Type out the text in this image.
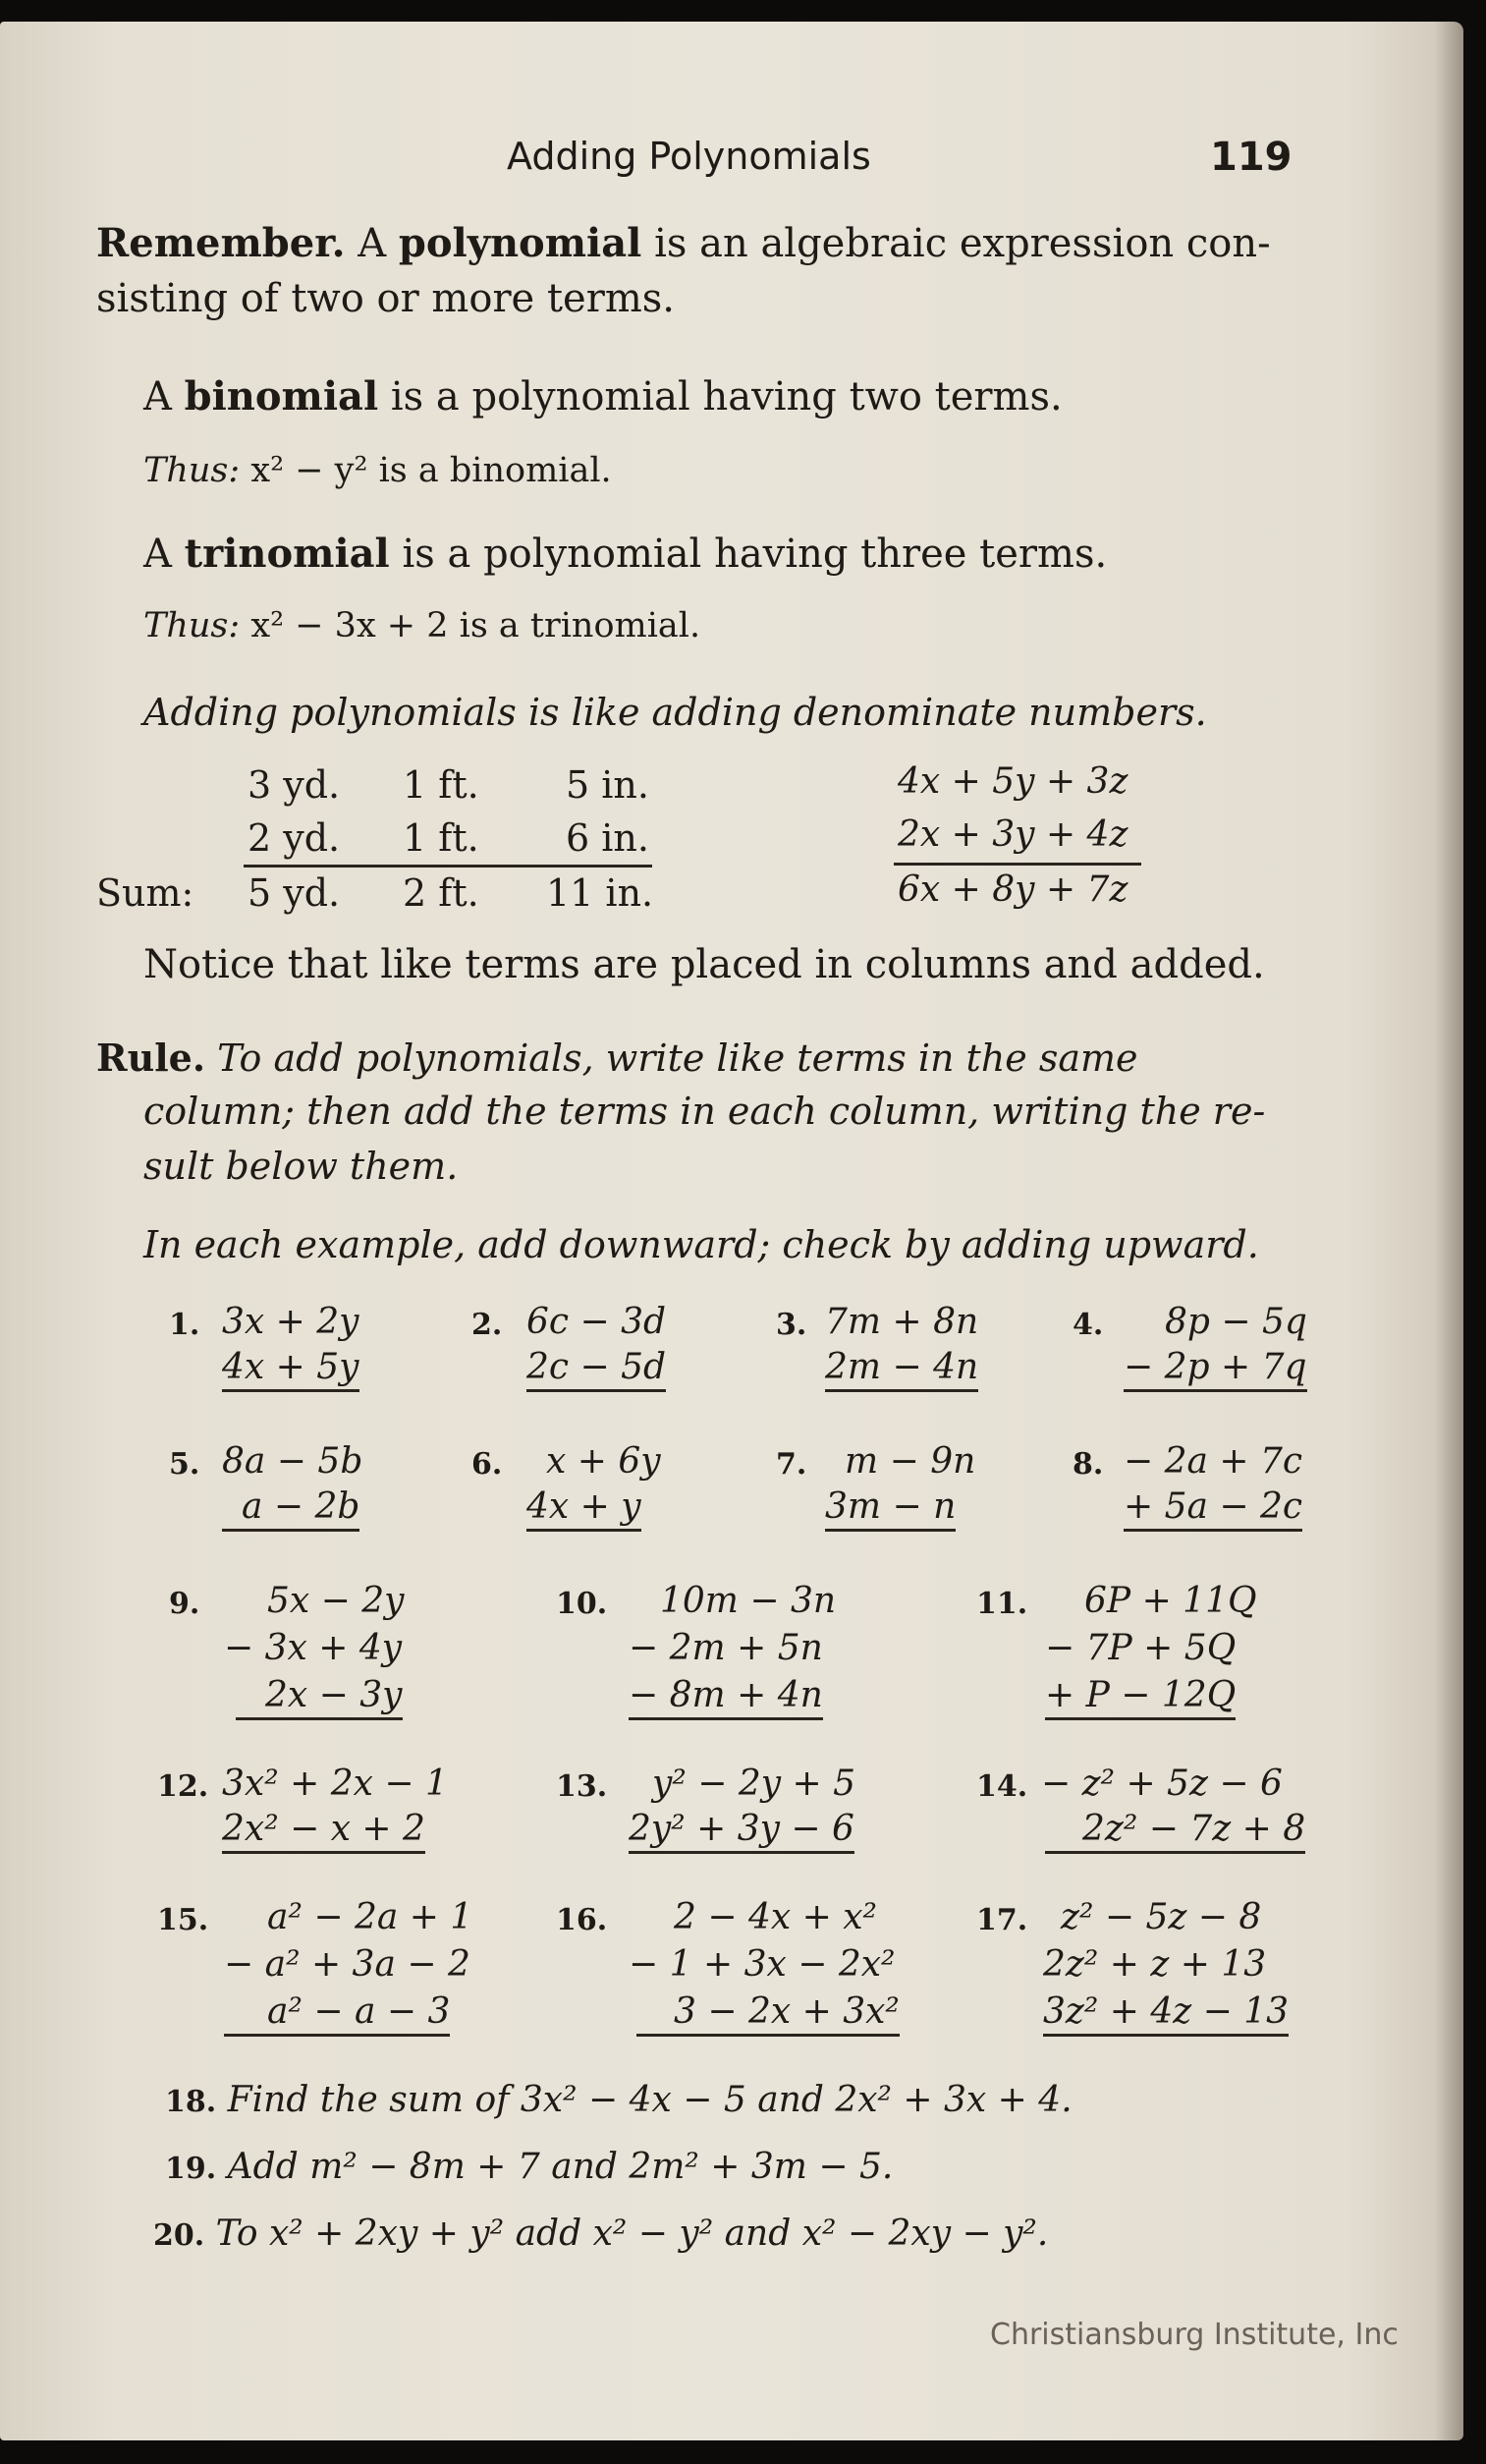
Adding Polynomials	119
Remember. A polynomial is an algebraic expression con-
sisting of two or more terms.
A binomial is a polynomial having two terms.
Thus: x² − y² is a binomial.
A trinomial is a polynomial having three terms.
Thus: x² − 3x + 2 is a trinomial.
Adding polynomials is like adding denominate numbers.
3 yd. 1 ft. 5 in.
2 yd. 1 ft. 6 in.
Sum: 5 yd. 2 ft. 11 in.
4x + 5y + 3z
2x + 3y + 4z
6x + 8y + 7z
Notice that like terms are placed in columns and added.
Rule. To add polynomials, write like terms in the same
column; then add the terms in each column, writing the re-
sult below them.
In each example, add downward; check by adding upward.
1. 3x + 2y
4x + 5y
2. 6c − 3d
2c − 5d
3. 7m + 8n
2m − 4n
4. 8p − 5q
− 2p + 7q
5. 8a − 5b
a − 2b
6. x + 6y
4x + y
7. m − 9n
3m − n
8. − 2a + 7c
+ 5a − 2c
9. 5x − 2y
− 3x + 4y
2x − 3y
10. 10m − 3n
− 2m + 5n
− 8m + 4n
11. 6P + 11Q
− 7P + 5Q
+ P − 12Q
12. 3x² + 2x − 1
2x² − x + 2
13. y² − 2y + 5
2y² + 3y − 6
14. − z² + 5z − 6
2z² − 7z + 8
15. a² − 2a + 1
− a² + 3a − 2
a² − a − 3
16. 2 − 4x + x²
− 1 + 3x − 2x²
3 − 2x + 3x²
17. z² − 5z − 8
2z² + z + 13
3z² + 4z − 13
18. Find the sum of 3x² − 4x − 5 and 2x² + 3x + 4.
19. Add m² − 8m + 7 and 2m² + 3m − 5.
20. To x² + 2xy + y² add x² − y² and x² − 2xy − y².
Christiansburg Institute, Inc
